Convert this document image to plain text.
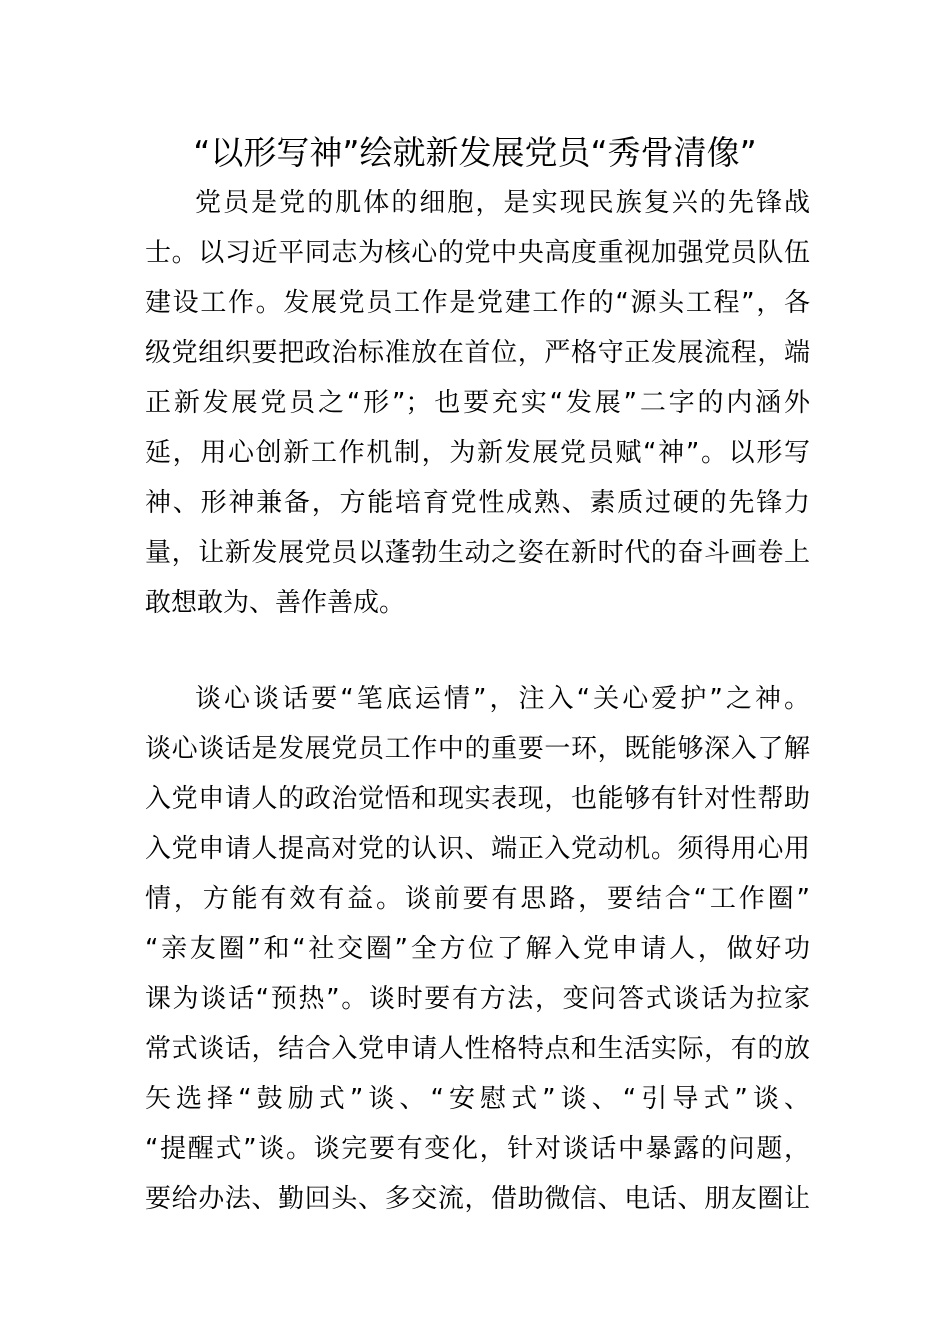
“以形写神”绘就新发展党员“秀骨清像”

党员是党的肌体的细胞，是实现民族复兴的先锋战

士。以习近平同志为核心的党中央高度重视加强党员队伍

建设工作。发展党员工作是党建工作的“源头工程”，各

级党组织要把政治标准放在首位，严格守正发展流程，端

正新发展党员之“形”；也要充实“发展”二字的内涵外

延，用心创新工作机制，为新发展党员赋“神”。以形写

神、形神兼备，方能培育党性成熟、素质过硬的先锋力

量，让新发展党员以蓬勃生动之姿在新时代的奋斗画卷上

敢想敢为、善作善成。

谈心谈话要“笔底运情”，注入“关心爱护”之神。

谈心谈话是发展党员工作中的重要一环，既能够深入了解

入党申请人的政治觉悟和现实表现，也能够有针对性帮助

入党申请人提高对党的认识、端正入党动机。须得用心用

情，方能有效有益。谈前要有思路，要结合“工作圈”

“亲友圈”和“社交圈”全方位了解入党申请人，做好功

课为谈话“预热”。谈时要有方法，变问答式谈话为拉家

常式谈话，结合入党申请人性格特点和生活实际，有的放

矢选择“鼓励式”谈、“安慰式”谈、“引导式”谈、

“提醒式”谈。谈完要有变化，针对谈话中暴露的问题，

要给办法、勤回头、多交流，借助微信、电话、朋友圈让
